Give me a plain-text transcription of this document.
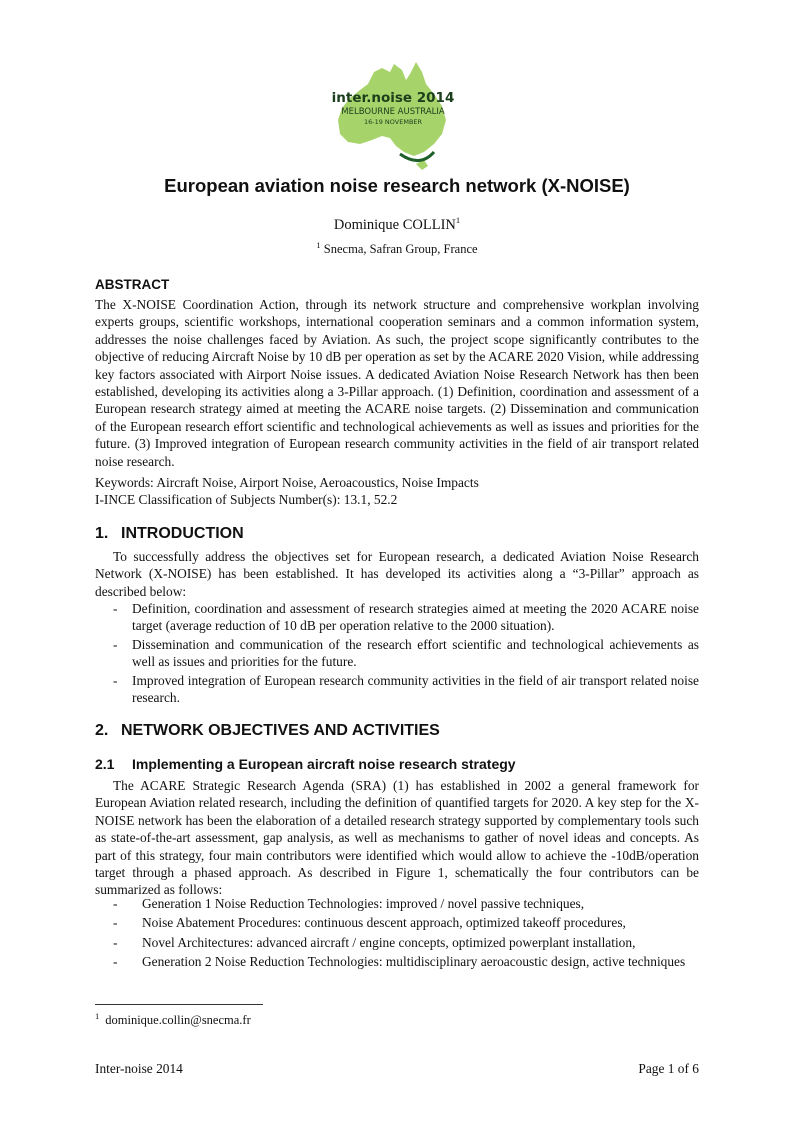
inter.noise 2014
MELBOURNE AUSTRALIA
16-19 NOVEMBER
European aviation noise research network (X-NOISE)
Dominique COLLIN$^1$
$^1$ Snecma, Safran Group, France
ABSTRACT

The X-NOISE Coordination Action, through its network structure and comprehensive workplan involving experts groups, scientific workshops, international cooperation seminars and a common information system, addresses the noise challenges faced by Aviation. As such, the project scope significantly contributes to the objective of reducing Aircraft Noise by 10 dB per operation as set by the ACARE 2020 Vision, while addressing key factors associated with Airport Noise issues. A dedicated Aviation Noise Research Network has then been established, developing its activities along a 3-Pillar approach. (1) Definition, coordination and assessment of a European research strategy aimed at meeting the ACARE noise targets. (2) Dissemination and communication of the European research effort scientific and technological achievements as well as issues and priorities for the future. (3) Improved integration of European research community activities in the field of air transport related noise research.

Keywords: Aircraft Noise, Airport Noise, Aeroacoustics, Noise Impacts
I-INCE Classification of Subjects Number(s): 13.1, 52.2
1. INTRODUCTION

To successfully address the objectives set for European research, a dedicated Aviation Noise Research Network (X-NOISE) has been established. It has developed its activities along a “3-Pillar” approach as described below:

-	Definition, coordination and assessment of research strategies aimed at meeting the 2020 ACARE noise target (average reduction of 10 dB per operation relative to the 2000 situation).
-	Dissemination and communication of the research effort scientific and technological achievements as well as issues and priorities for the future.
-	Improved integration of European research community activities in the field of air transport related noise research.
2. NETWORK OBJECTIVES AND ACTIVITIES
2.1 Implementing a European aircraft noise research strategy

The ACARE Strategic Research Agenda (SRA) (1) has established in 2002 a general framework for European Aviation related research, including the definition of quantified targets for 2020. A key step for the X-NOISE network has been the elaboration of a detailed research strategy supported by complementary tools such as state-of-the-art assessment, gap analysis, as well as mechanisms to gather of novel ideas and concepts. As part of this strategy, four main contributors were identified which would allow to achieve the -10dB/operation target through a phased approach. As described in Figure 1, schematically the four contributors can be summarized as follows:

-	Generation 1 Noise Reduction Technologies: improved / novel passive techniques,
-	Noise Abatement Procedures: continuous descent approach, optimized takeoff procedures,
-	Novel Architectures: advanced aircraft / engine concepts, optimized powerplant installation,
-	Generation 2 Noise Reduction Technologies: multidisciplinary aeroacoustic design, active techniques
$^1$ dominique.collin@snecma.fr
Inter-noise 2014	Page 1 of 6
